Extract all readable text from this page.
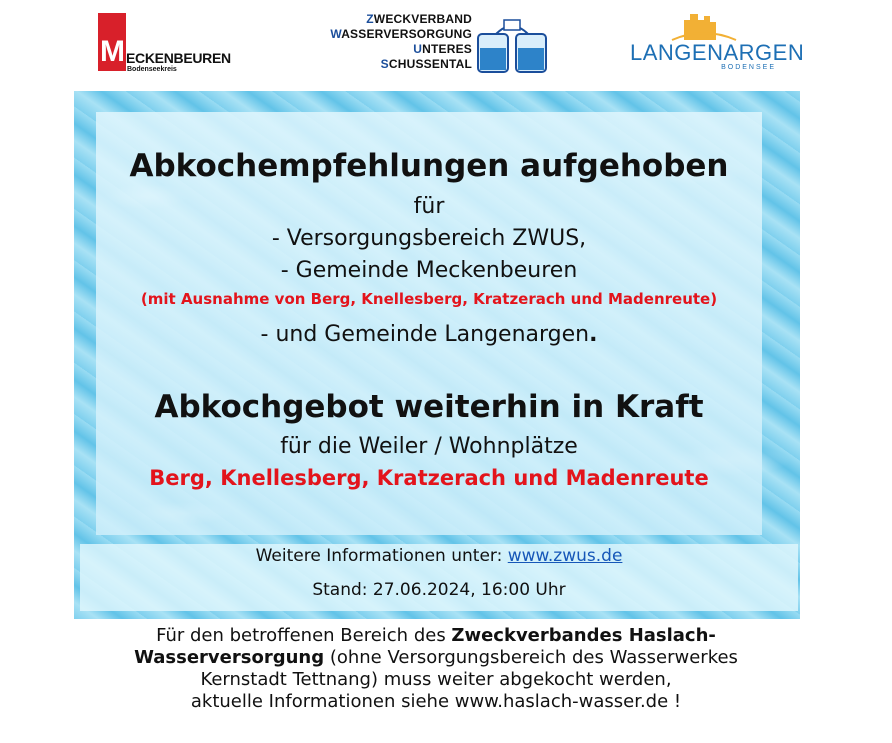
M ECKENBEUREN
Bodenseekreis
ZWECKVERBAND
WASSERVERSORGUNG
UNTERES
SCHUSSENTAL	LANGENARGEN
BODENSEE
Abkochempfehlungen aufgehoben
für
- Versorgungsbereich ZWUS,
- Gemeinde Meckenbeuren
(mit Ausnahme von Berg, Knellesberg, Kratzerach und Madenreute)
- und Gemeinde Langenargen.
Abkochgebot weiterhin in Kraft
für die Weiler / Wohnplätze
Berg, Knellesberg, Kratzerach und Madenreute
Weitere Informationen unter: www.zwus.de
Stand: 27.06.2024, 16:00 Uhr
Für den betroffenen Bereich des Zweckverbandes Haslach-
Wasserversorgung (ohne Versorgungsbereich des Wasserwerkes
Kernstadt Tettnang) muss weiter abgekocht werden,
aktuelle Informationen siehe www.haslach-wasser.de !
